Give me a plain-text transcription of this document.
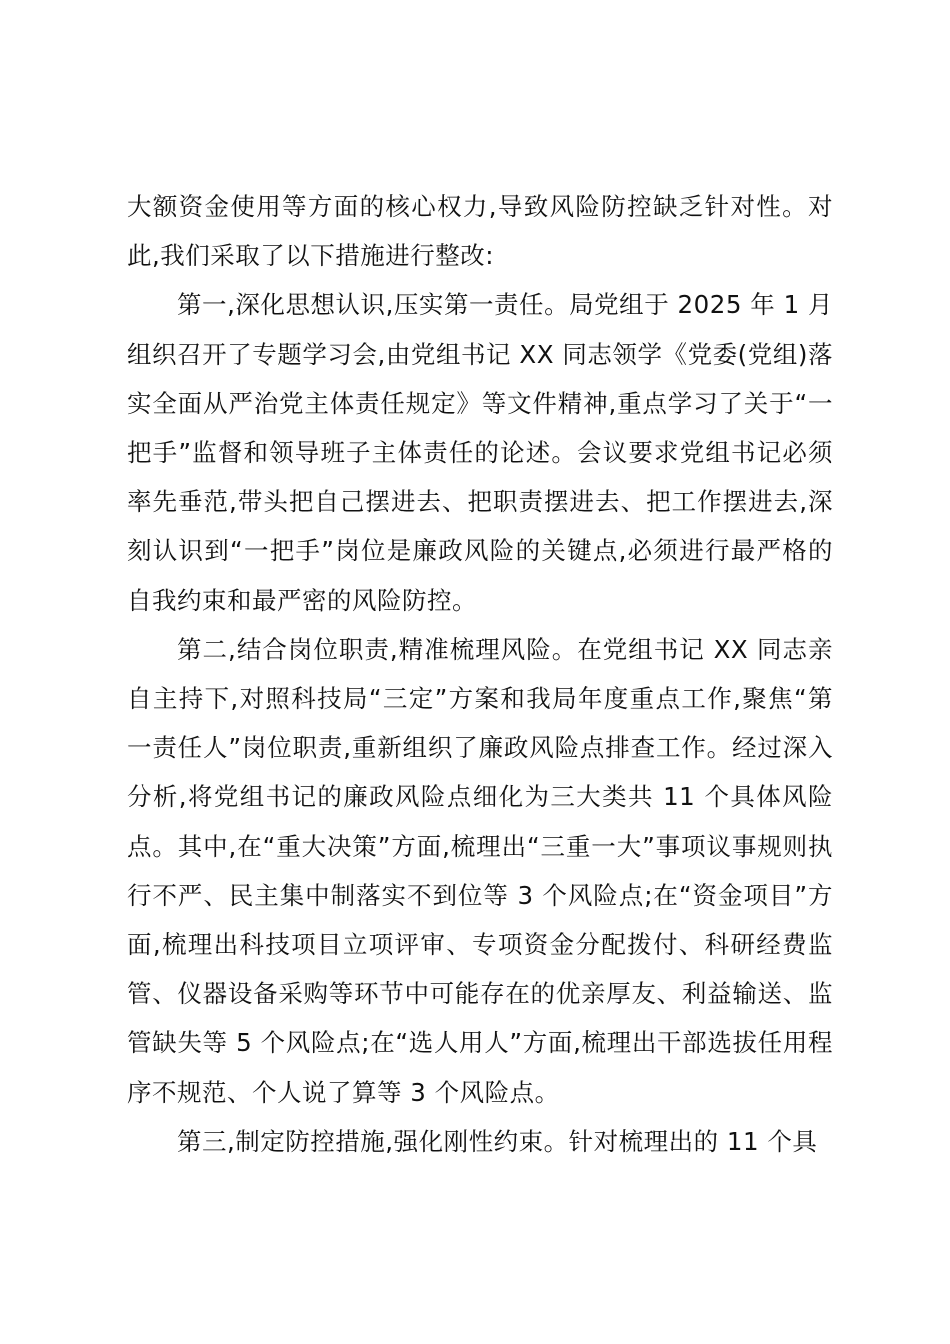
大额资金使用等方面的核心权力,导致风险防控缺乏针对性。对此,我们采取了以下措施进行整改:

第一,深化思想认识,压实第一责任。局党组于 2025 年 1 月组织召开了专题学习会,由党组书记 XX 同志领学《党委(党组)落实全面从严治党主体责任规定》等文件精神,重点学习了关于“一把手”监督和领导班子主体责任的论述。会议要求党组书记必须率先垂范,带头把自己摆进去、把职责摆进去、把工作摆进去,深刻认识到“一把手”岗位是廉政风险的关键点,必须进行最严格的自我约束和最严密的风险防控。

第二,结合岗位职责,精准梳理风险。在党组书记 XX 同志亲自主持下,对照科技局“三定”方案和我局年度重点工作,聚焦“第一责任人”岗位职责,重新组织了廉政风险点排查工作。经过深入分析,将党组书记的廉政风险点细化为三大类共 11 个具体风险点。其中,在“重大决策”方面,梳理出“三重一大”事项议事规则执行不严、民主集中制落实不到位等 3 个风险点;在“资金项目”方面,梳理出科技项目立项评审、专项资金分配拨付、科研经费监管、仪器设备采购等环节中可能存在的优亲厚友、利益输送、监管缺失等 5 个风险点;在“选人用人”方面,梳理出干部选拔任用程序不规范、个人说了算等 3 个风险点。

第三,制定防控措施,强化刚性约束。针对梳理出的 11 个具
